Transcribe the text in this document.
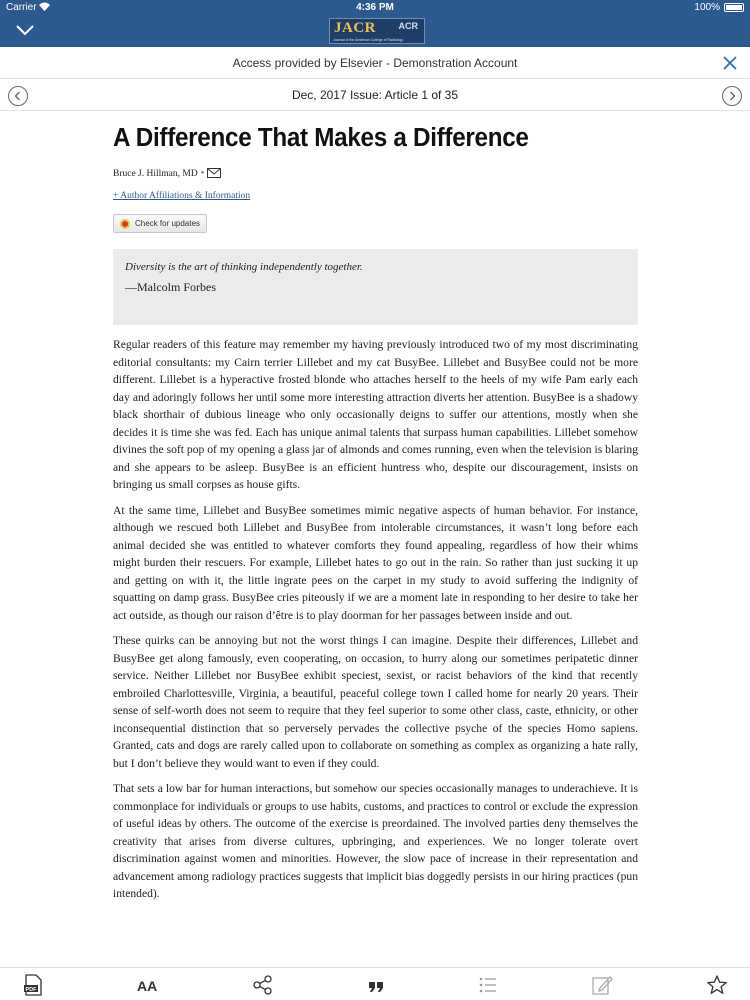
Carrier	4:36 PM	100%
JACR	ACR
Journal of the American College of Radiology
Access provided by Elsevier - Demonstration Account
Dec, 2017 Issue: Article 1 of 35
A Difference That Makes a Difference
Bruce J. Hillman, MD *
+ Author Affiliations & Information
Check for updates
Diversity is the art of thinking independently together.
—Malcolm Forbes

Regular readers of this feature may remember my having previously introduced two of my most discriminating editorial consultants: my Cairn terrier Lillebet and my cat BusyBee. Lillebet and BusyBee could not be more different. Lillebet is a hyperactive frosted blonde who attaches herself to the heels of my wife Pam early each day and adoringly follows her until some more interesting attraction diverts her attention. BusyBee is a shadowy black shorthair of dubious lineage who only occasionally deigns to suffer our attentions, mostly when she decides it is time she was fed. Each has unique animal talents that surpass human capabilities. Lillebet somehow divines the soft pop of my opening a glass jar of almonds and comes running, even when the television is blaring and she appears to be asleep. BusyBee is an efficient huntress who, despite our discouragement, insists on bringing us small corpses as house gifts.

At the same time, Lillebet and BusyBee sometimes mimic negative aspects of human behavior. For instance, although we rescued both Lillebet and BusyBee from intolerable circumstances, it wasn’t long before each animal decided she was entitled to whatever comforts they found appealing, regardless of how their whims might burden their rescuers. For example, Lillebet hates to go out in the rain. So rather than just sucking it up and getting on with it, the little ingrate pees on the carpet in my study to avoid suffering the indignity of squatting on damp grass. BusyBee cries piteously if we are a moment late in responding to her desire to take her act outside, as though our raison d’être is to play doorman for her passages between inside and out.

These quirks can be annoying but not the worst things I can imagine. Despite their differences, Lillebet and BusyBee get along famously, even cooperating, on occasion, to hurry along our sometimes peripatetic dinner service. Neither Lillebet nor BusyBee exhibit speciest, sexist, or racist behaviors of the kind that recently embroiled Charlottesville, Virginia, a beautiful, peaceful college town I called home for nearly 20 years. Their sense of self-worth does not seem to require that they feel superior to some other class, caste, ethnicity, or other inconsequential distinction that so perversely pervades the collective psyche of the species Homo sapiens. Granted, cats and dogs are rarely called upon to collaborate on something as complex as organizing a hate rally, but I don’t believe they would want to even if they could.

That sets a low bar for human interactions, but somehow our species occasionally manages to underachieve. It is commonplace for individuals or groups to use habits, customs, and practices to control or exclude the expression of useful ideas by others. The outcome of the exercise is preordained. The involved parties deny themselves the creativity that arises from diverse cultures, upbringing, and experiences. We no longer tolerate overt discrimination against women and minorities. However, the slow pace of increase in their representation and advancement among radiology practices suggests that implicit bias doggedly persists in our hiring practices (pun intended).

PDF	AA
